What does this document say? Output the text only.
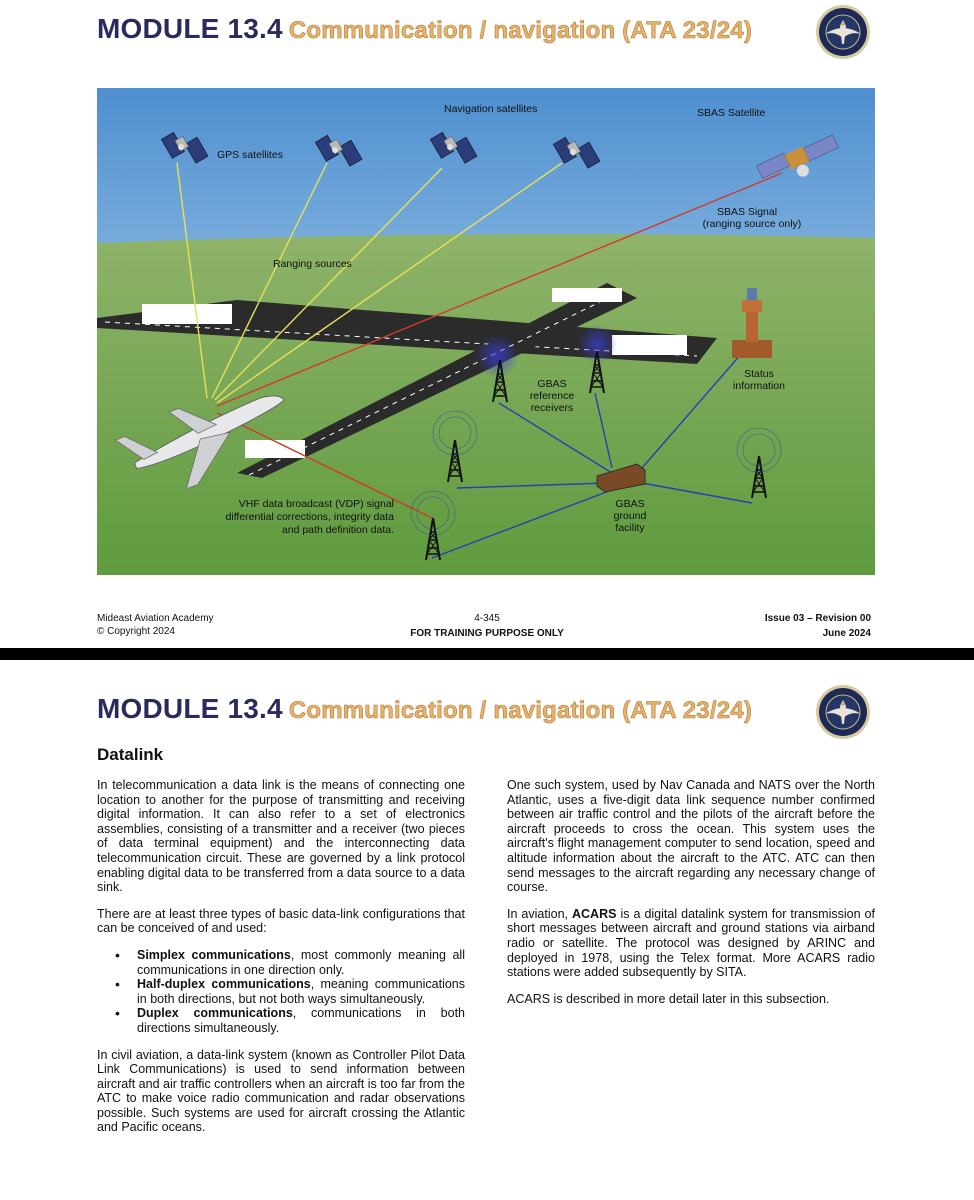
MODULE 13.4 Communication / navigation (ATA 23/24)
GPS satellites
Navigation satellites	SBAS Satellite
SBAS Signal
(ranging source only)
Ranging sources
GBAS
reference
receivers
Status
information
VHF data broadcast (VDP) signal
differential corrections, integrity data
and path definition data.
GBAS
ground
facility
Mideast Aviation Academy
© Copyright 2024
4-345
FOR TRAINING PURPOSE ONLY
Issue 03 – Revision 00
June 2024
MODULE 13.4 Communication / navigation (ATA 23/24)
Datalink

In telecommunication a data link is the means of connecting one location to another for the purpose of transmitting and receiving digital information. It can also refer to a set of electronics assemblies, consisting of a transmitter and a receiver (two pieces of data terminal equipment) and the interconnecting data telecommunication circuit. These are governed by a link protocol enabling digital data to be transferred from a data source to a data sink.

There are at least three types of basic data-link configurations that can be conceived of and used:

• Simplex communications, most commonly meaning all communications in one direction only.
• Half-duplex communications, meaning communications in both directions, but not both ways simultaneously.
• Duplex communications, communications in both directions simultaneously.

In civil aviation, a data-link system (known as Controller Pilot Data Link Communications) is used to send information between aircraft and air traffic controllers when an aircraft is too far from the ATC to make voice radio communication and radar observations possible. Such systems are used for aircraft crossing the Atlantic and Pacific oceans.

One such system, used by Nav Canada and NATS over the North Atlantic, uses a five-digit data link sequence number confirmed between air traffic control and the pilots of the aircraft before the aircraft proceeds to cross the ocean. This system uses the aircraft's flight management computer to send location, speed and altitude information about the aircraft to the ATC. ATC can then send messages to the aircraft regarding any necessary change of course.

In aviation, ACARS is a digital datalink system for transmission of short messages between aircraft and ground stations via airband radio or satellite. The protocol was designed by ARINC and deployed in 1978, using the Telex format. More ACARS radio stations were added subsequently by SITA.

ACARS is described in more detail later in this subsection.
